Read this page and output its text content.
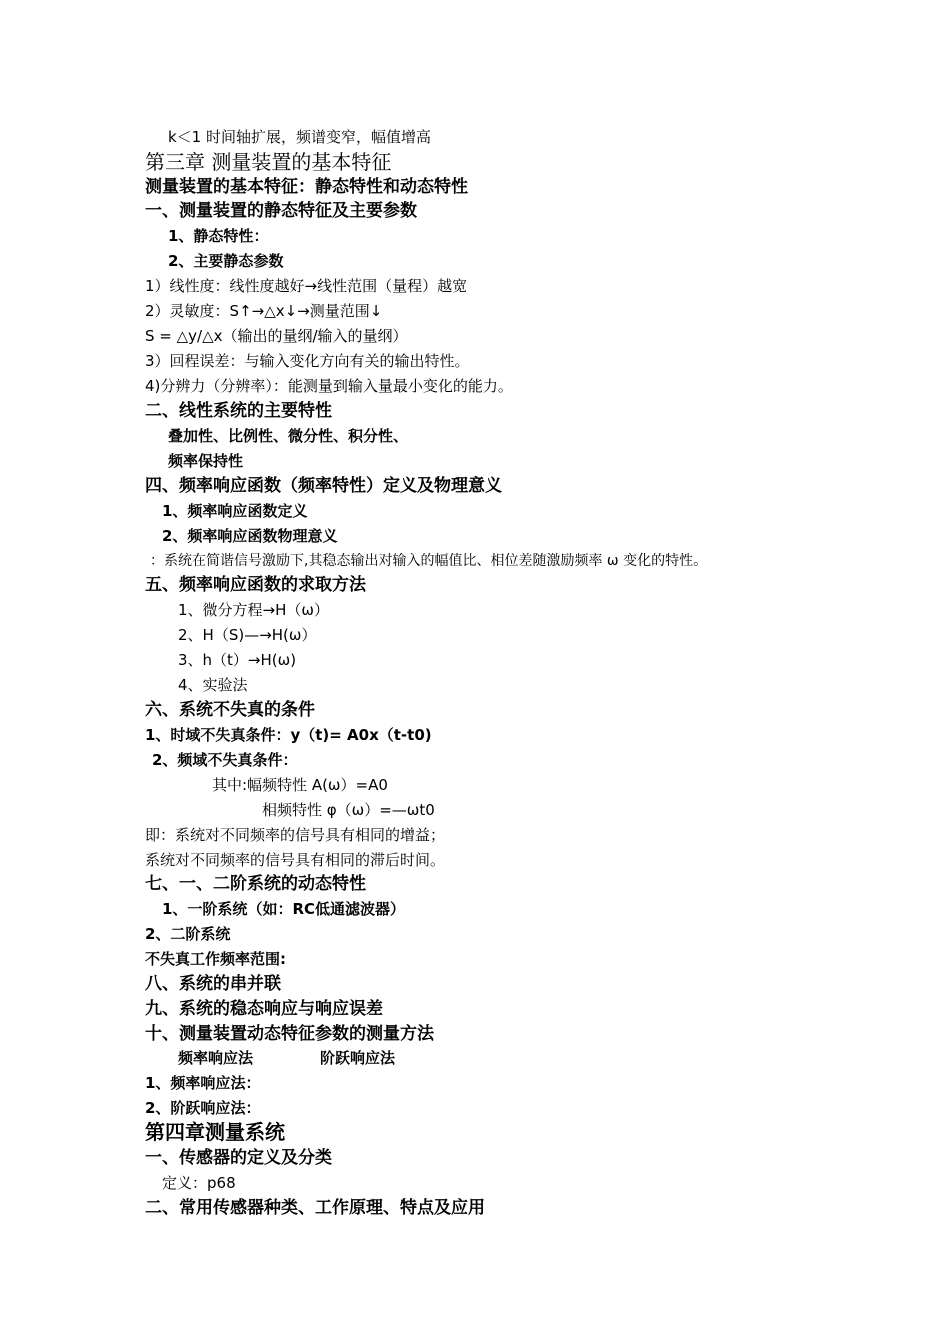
k＜1 时间轴扩展，频谱变窄，幅值增高
第三章 测量装置的基本特征
测量装置的基本特征：静态特性和动态特性
一、测量装置的静态特征及主要参数
1、静态特性：
2、主要静态参数
1）线性度：线性度越好→线性范围（量程）越宽
2）灵敏度：S↑→△x↓→测量范围↓
S = △y/△x（输出的量纲/输入的量纲）
3）回程误差：与输入变化方向有关的输出特性。
4)分辨力（分辨率）：能测量到输入量最小变化的能力。
二、线性系统的主要特性
叠加性、比例性、微分性、积分性、
频率保持性
四、频率响应函数（频率特性）定义及物理意义
1、频率响应函数定义
2、频率响应函数物理意义
：系统在简谐信号激励下,其稳态输出对输入的幅值比、相位差随激励频率 ω 变化的特性。
五、频率响应函数的求取方法
1、微分方程→H（ω）
2、H（S)—→H(ω）
3、h（t）→H(ω)
4、实验法
六、系统不失真的条件
1、时域不失真条件：y（t)= A0x（t-t0)
2、频域不失真条件：
其中:幅频特性 A(ω）=A0
相频特性 φ（ω）=—ωt0
即：系统对不同频率的信号具有相同的增益；
系统对不同频率的信号具有相同的滞后时间。
七、一、二阶系统的动态特性
1、一阶系统（如：RC低通滤波器）
2、二阶系统
不失真工作频率范围:
八、系统的串并联
九、系统的稳态响应与响应误差
十、测量装置动态特征参数的测量方法
频率响应法	阶跃响应法
1、频率响应法：
2、阶跃响应法：
第四章测量系统
一、传感器的定义及分类
定义：p68
二、常用传感器种类、工作原理、特点及应用
